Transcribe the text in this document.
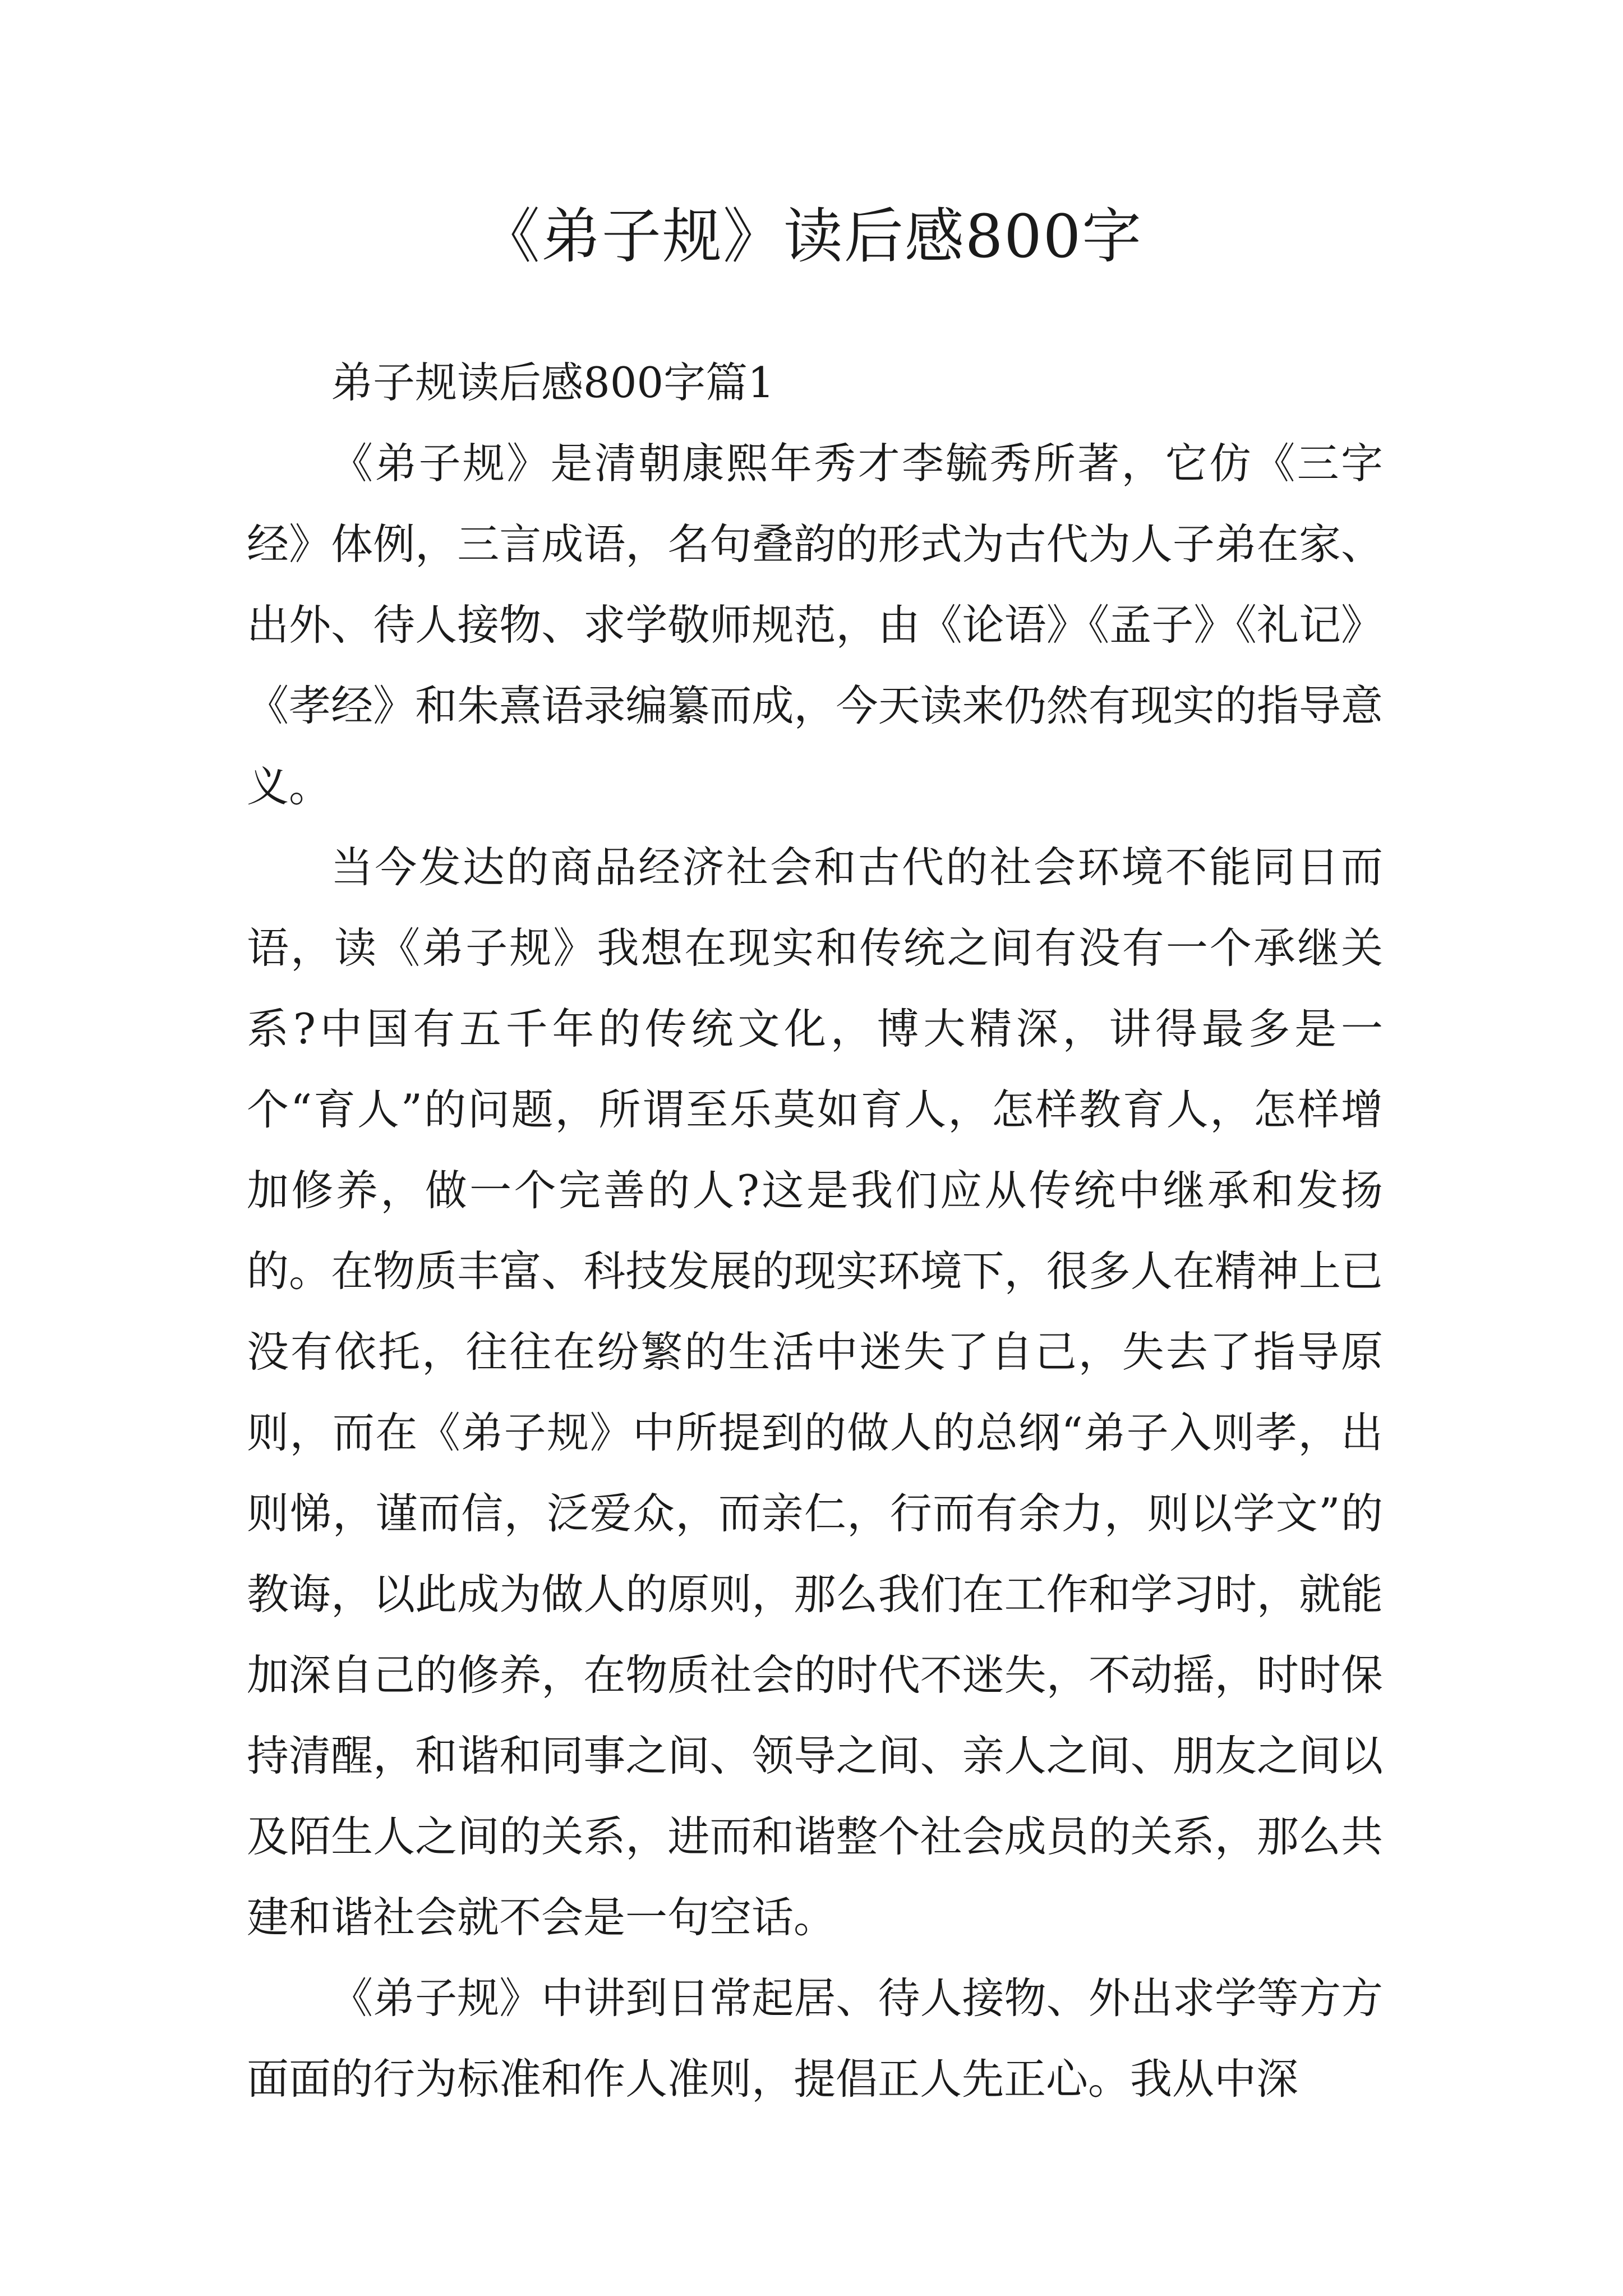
《弟子规》读后感800字

弟子规读后感800字篇1

《弟子规》是清朝康熙年秀才李毓秀所著，它仿《三字经》体例，三言成语，名句叠韵的形式为古代为人子弟在家、出外、待人接物、求学敬师规范，由《论语》《孟子》《礼记》《孝经》和朱熹语录编纂而成，今天读来仍然有现实的指导意义。

当今发达的商品经济社会和古代的社会环境不能同日而语，读《弟子规》我想在现实和传统之间有没有一个承继关系?中国有五千年的传统文化，博大精深，讲得最多是一个“育人”的问题，所谓至乐莫如育人，怎样教育人，怎样增加修养，做一个完善的人?这是我们应从传统中继承和发扬的。在物质丰富、科技发展的现实环境下，很多人在精神上已没有依托，往往在纷繁的生活中迷失了自己，失去了指导原则，而在《弟子规》中所提到的做人的总纲“弟子入则孝，出则悌，谨而信，泛爱众，而亲仁，行而有余力，则以学文”的教诲，以此成为做人的原则，那么我们在工作和学习时，就能加深自己的修养，在物质社会的时代不迷失，不动摇，时时保持清醒，和谐和同事之间、领导之间、亲人之间、朋友之间以及陌生人之间的关系，进而和谐整个社会成员的关系，那么共建和谐社会就不会是一句空话。

《弟子规》中讲到日常起居、待人接物、外出求学等方方面面的行为标准和作人准则，提倡正人先正心。我从中深
